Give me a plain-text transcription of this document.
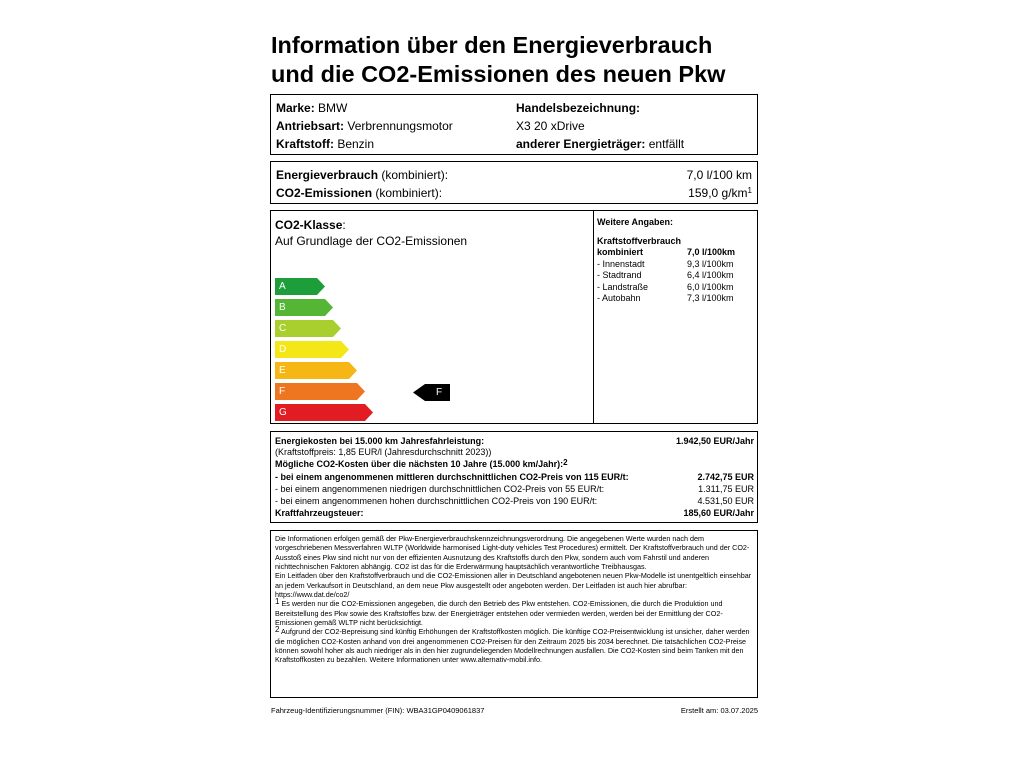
Information über den Energieverbrauch
und die CO2-Emissionen des neuen Pkw
Marke: BMW
Antriebsart: Verbrennungsmotor
Kraftstoff: Benzin
Handelsbezeichnung:
X3 20 xDrive
anderer Energieträger: entfällt
Energieverbrauch (kombiniert):	7,0 l/100 km
CO2-Emissionen (kombiniert):	159,0 $g/km^1$
CO2-Klasse:
Auf Grundlage der CO2-Emissionen
A
B
C
D
E
F
G
F
Weitere Angaben:
Kraftstoffverbrauch
kombiniert	7,0 l/100km
- Innenstadt	9,3 l/100km
- Stadtrand	6,4 l/100km
- Landstraße	6,0 l/100km
- Autobahn	7,3 l/100km
Energiekosten bei 15.000 km Jahresfahrleistung:	1.942,50 EUR/Jahr
(Kraftstoffpreis: 1,85 EUR/l (Jahresdurchschnitt 2023))
Mögliche CO2-Kosten über die nächsten 10 Jahre (15.000 km/Jahr):$^2$
- bei einem angenommenen mittleren durchschnittlichen CO2-Preis von 115 EUR/t:	2.742,75 EUR
- bei einem angenommenen niedrigen durchschnittlichen CO2-Preis von 55 EUR/t:	1.311,75 EUR
- bei einem angenommenen hohen durchschnittlichen CO2-Preis von 190 EUR/t:	4.531,50 EUR
Kraftfahrzeugsteuer:	185,60 EUR/Jahr

Die Informationen erfolgen gemäß der Pkw-Energieverbrauchskennzeichnungsverordnung. Die angegebenen Werte wurden nach dem vorgeschriebenen Messverfahren WLTP (Worldwide harmonised Light-duty vehicles Test Procedures) ermittelt. Der Kraftstoffverbrauch und der CO2-Ausstoß eines Pkw sind nicht nur von der effizienten Ausnutzung des Kraftstoffs durch den Pkw, sondern auch vom Fahrstil und anderen nichttechnischen Faktoren abhängig. CO2 ist das für die Erderwärmung hauptsächlich verantwortliche Treibhausgas.

Ein Leitfaden über den Kraftstoffverbrauch und die CO2-Emissionen aller in Deutschland angebotenen neuen Pkw-Modelle ist unentgeltlich einsehbar an jedem Verkaufsort in Deutschland, an dem neue Pkw ausgestellt oder angeboten werden. Der Leitfaden ist auch hier abrufbar: https://www.dat.de/co2/

$^1$ Es werden nur die CO2-Emissionen angegeben, die durch den Betrieb des Pkw entstehen. CO2-Emissionen, die durch die Produktion und Bereitstellung des Pkw sowie des Kraftstoffes bzw. der Energieträger entstehen oder vermieden werden, werden bei der Ermittlung der CO2-Emissionen gemäß WLTP nicht berücksichtigt.

$^2$ Aufgrund der CO2-Bepreisung sind künftig Erhöhungen der Kraftstoffkosten möglich. Die künftige CO2-Preisentwicklung ist unsicher, daher werden die möglichen CO2-Kosten anhand von drei angenommenen CO2-Preisen für den Zeitraum 2025 bis 2034 berechnet. Die tatsächlichen CO2-Preise können sowohl hoher als auch niedriger als in den hier zugrundeliegenden Modellrechnungen ausfallen. Die CO2-Kosten sind beim Tanken mit den Kraftstoffkosten zu bezahlen. Weitere Informationen unter www.alternativ-mobil.info.

Fahrzeug-Identifizierungsnummer (FIN): WBA31GP0409061837	Erstellt am: 03.07.2025
